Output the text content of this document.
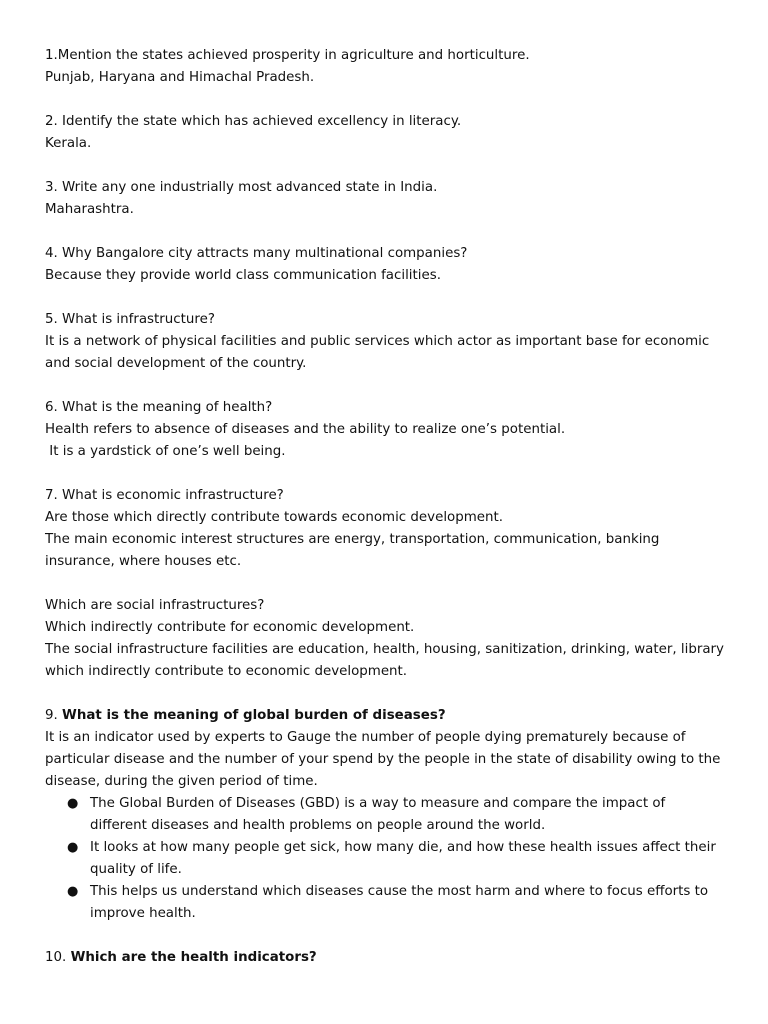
1.Mention the states achieved prosperity in agriculture and horticulture.

Punjab, Haryana and Himachal Pradesh.

2. Identify the state which has achieved excellency in literacy.

Kerala.

3. Write any one industrially most advanced state in India.

Maharashtra.

4. Why Bangalore city attracts many multinational companies?

Because they provide world class communication facilities.

5. What is infrastructure?

It is a network of physical facilities and public services which actor as important base for economic and social development of the country.

6. What is the meaning of health?

Health refers to absence of diseases and the ability to realize one’s potential.

It is a yardstick of one’s well being.

7. What is economic infrastructure?

Are those which directly contribute towards economic development.

The main economic interest structures are energy, transportation, communication, banking insurance, where houses etc.

Which are social infrastructures?

Which indirectly contribute for economic development.

The social infrastructure facilities are education, health, housing, sanitization, drinking, water, library which indirectly contribute to economic development.

9. What is the meaning of global burden of diseases?

It is an indicator used by experts to Gauge the number of people dying prematurely because of particular disease and the number of your spend by the people in the state of disability owing to the disease, during the given period of time.

● The Global Burden of Diseases (GBD) is a way to measure and compare the impact of different diseases and health problems on people around the world.
● It looks at how many people get sick, how many die, and how these health issues affect their quality of life.
● This helps us understand which diseases cause the most harm and where to focus efforts to improve health.

10. Which are the health indicators?
